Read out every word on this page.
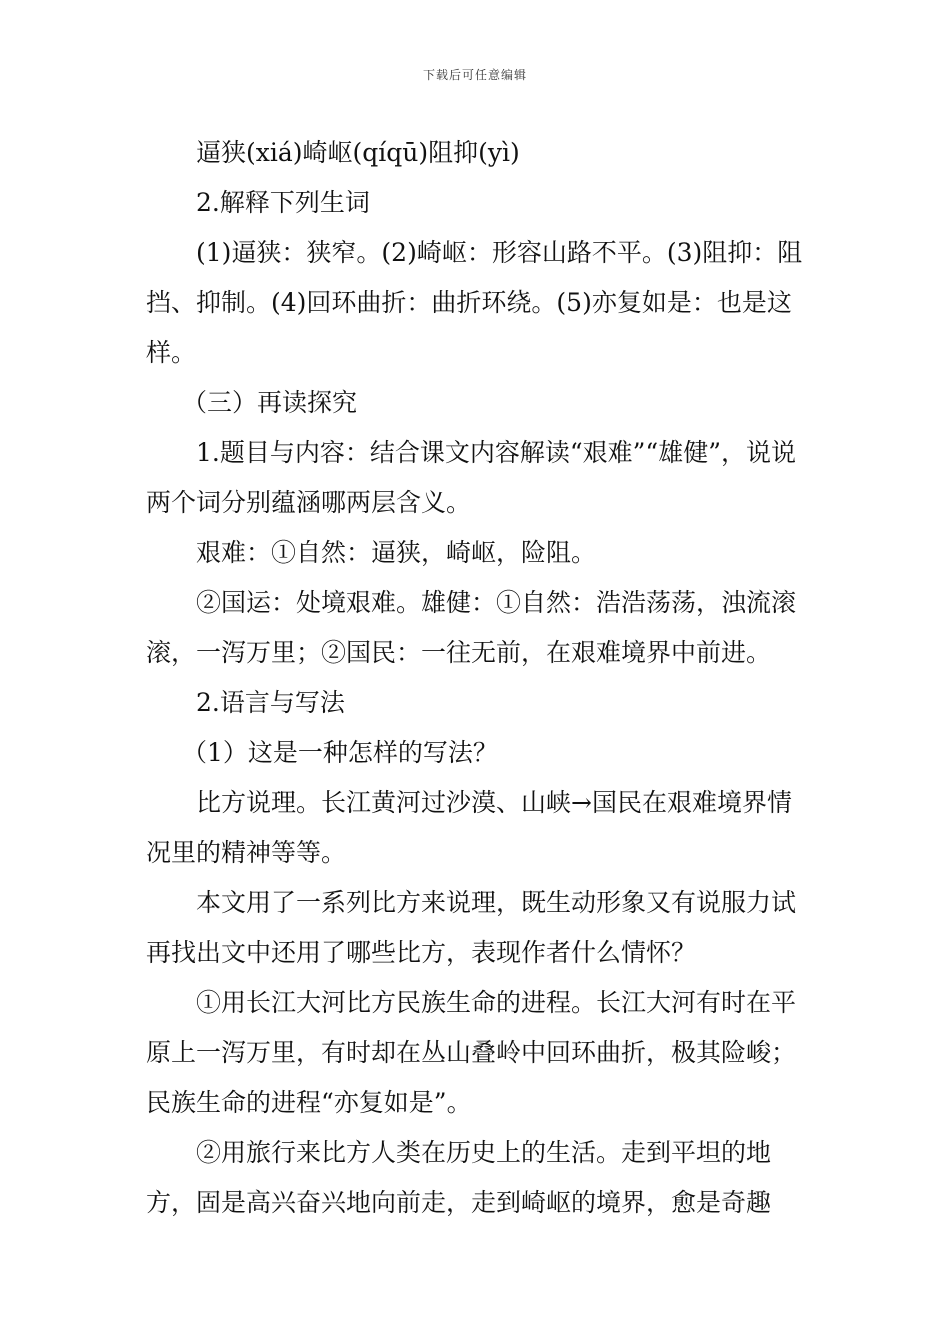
下载后可任意编辑

逼狭(xiá)崎岖(qíqū)阻抑(yì)

2.解释下列生词

(1)逼狭：狭窄。(2)崎岖：形容山路不平。(3)阻抑：阻挡、抑制。(4)回环曲折：曲折环绕。(5)亦复如是：也是这样。

（三）再读探究

1.题目与内容：结合课文内容解读“艰难”“雄健”，说说两个词分别蕴涵哪两层含义。

艰难：①自然：逼狭，崎岖，险阻。

②国运：处境艰难。雄健：①自然：浩浩荡荡，浊流滚滚，一泻万里；②国民：一往无前，在艰难境界中前进。

2.语言与写法

（1）这是一种怎样的写法？

比方说理。长江黄河过沙漠、山峡→国民在艰难境界情况里的精神等等。

本文用了一系列比方来说理，既生动形象又有说服力试再找出文中还用了哪些比方，表现作者什么情怀？

①用长江大河比方民族生命的进程。长江大河有时在平原上一泻万里，有时却在丛山叠岭中回环曲折，极其险峻；民族生命的进程“亦复如是”。

②用旅行来比方人类在历史上的生活。走到平坦的地方，固是高兴奋兴地向前走，走到崎岖的境界，愈是奇趣
